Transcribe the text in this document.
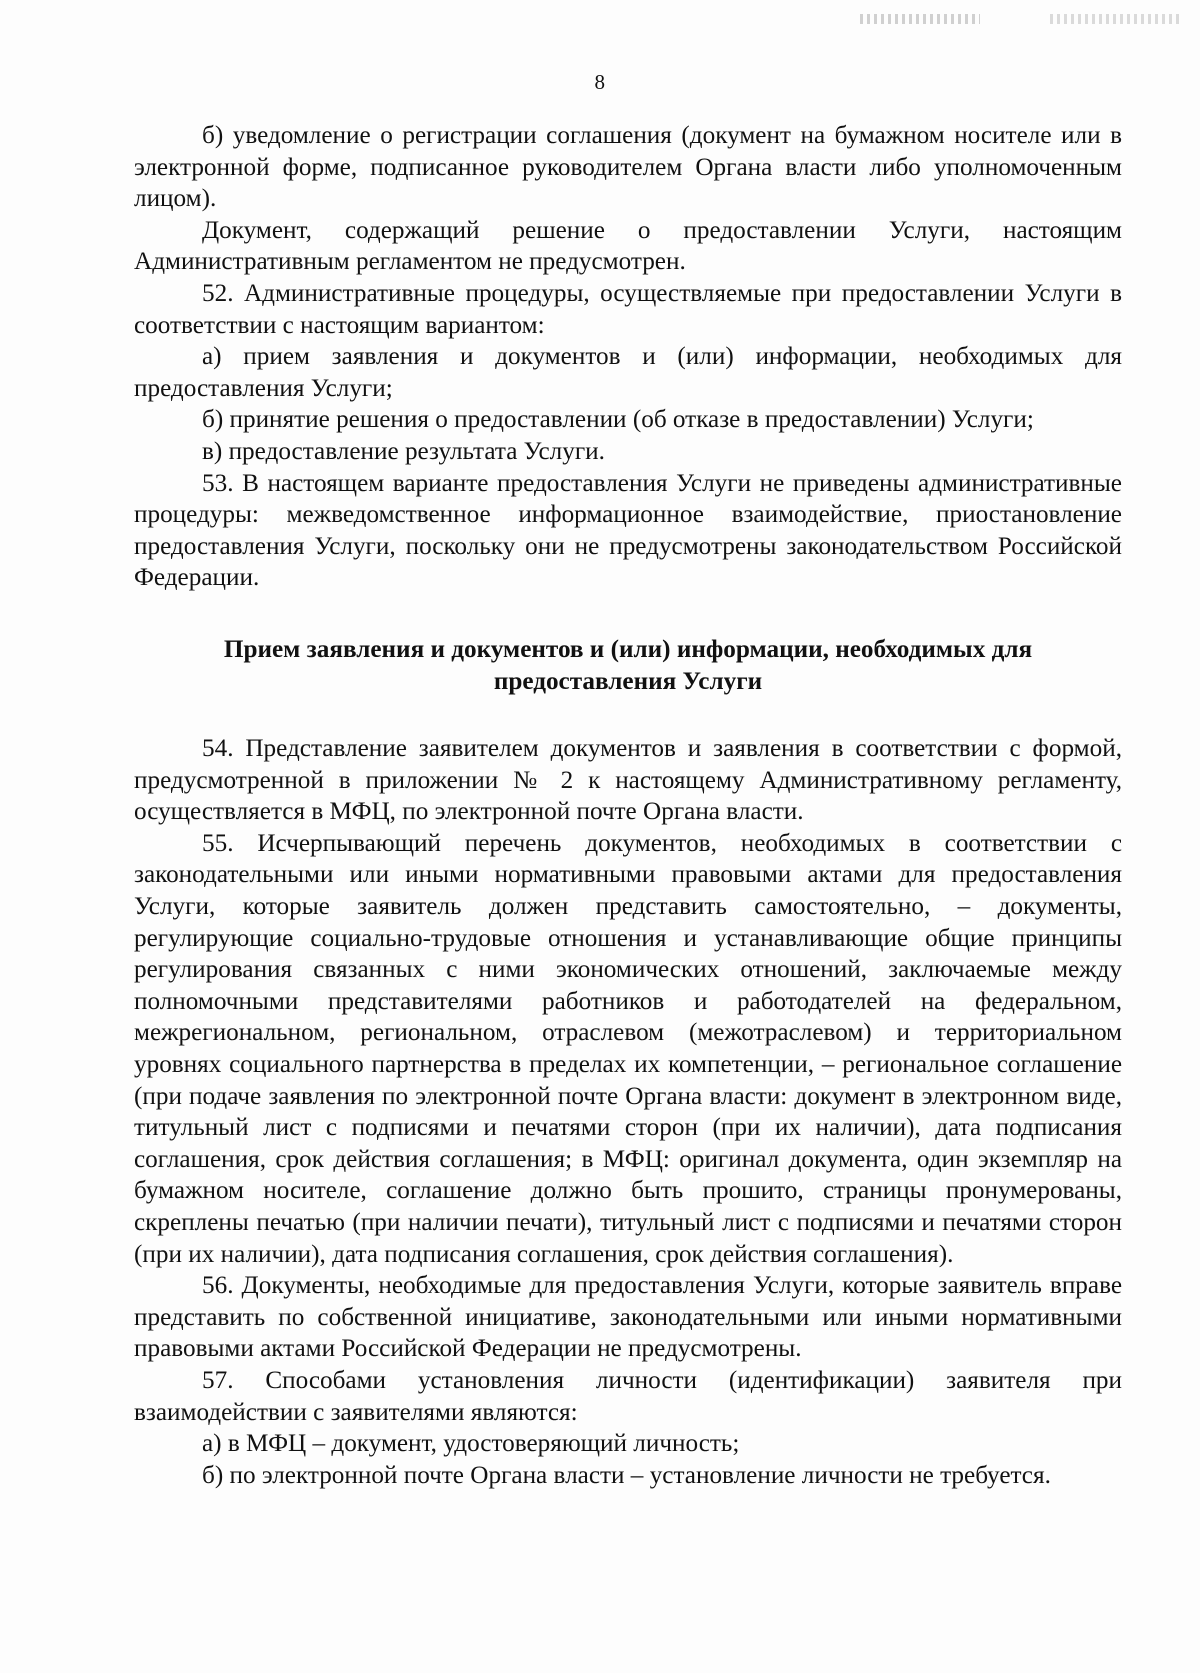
8

б) уведомление о регистрации соглашения (документ на бумажном носителе или в электронной форме, подписанное руководителем Органа власти либо уполномоченным лицом).

Документ, содержащий решение о предоставлении Услуги, настоящим Административным регламентом не предусмотрен.

52. Административные процедуры, осуществляемые при предоставлении Услуги в соответствии с настоящим вариантом:

а) прием заявления и документов и (или) информации, необходимых для предоставления Услуги;

б) принятие решения о предоставлении (об отказе в предоставлении) Услуги;

в) предоставление результата Услуги.

53. В настоящем варианте предоставления Услуги не приведены административные процедуры: межведомственное информационное взаимодействие, приостановление предоставления Услуги, поскольку они не предусмотрены законодательством Российской Федерации.

Прием заявления и документов и (или) информации, необходимых для предоставления Услуги

54. Представление заявителем документов и заявления в соответствии с формой, предусмотренной в приложении № 2 к настоящему Административному регламенту, осуществляется в МФЦ, по электронной почте Органа власти.

55. Исчерпывающий перечень документов, необходимых в соответствии с законодательными или иными нормативными правовыми актами для предоставления Услуги, которые заявитель должен представить самостоятельно, – документы, регулирующие социально-трудовые отношения и устанавливающие общие принципы регулирования связанных с ними экономических отношений, заключаемые между полномочными представителями работников и работодателей на федеральном, межрегиональном, региональном, отраслевом (межотраслевом) и территориальном уровнях социального партнерства в пределах их компетенции, – региональное соглашение (при подаче заявления по электронной почте Органа власти: документ в электронном виде, титульный лист с подписями и печатями сторон (при их наличии), дата подписания соглашения, срок действия соглашения; в МФЦ: оригинал документа, один экземпляр на бумажном носителе, соглашение должно быть прошито, страницы пронумерованы, скреплены печатью (при наличии печати), титульный лист с подписями и печатями сторон (при их наличии), дата подписания соглашения, срок действия соглашения).

56. Документы, необходимые для предоставления Услуги, которые заявитель вправе представить по собственной инициативе, законодательными или иными нормативными правовыми актами Российской Федерации не предусмотрены.

57. Способами установления личности (идентификации) заявителя при взаимодействии с заявителями являются:

а) в МФЦ – документ, удостоверяющий личность;

б) по электронной почте Органа власти – установление личности не требуется.
